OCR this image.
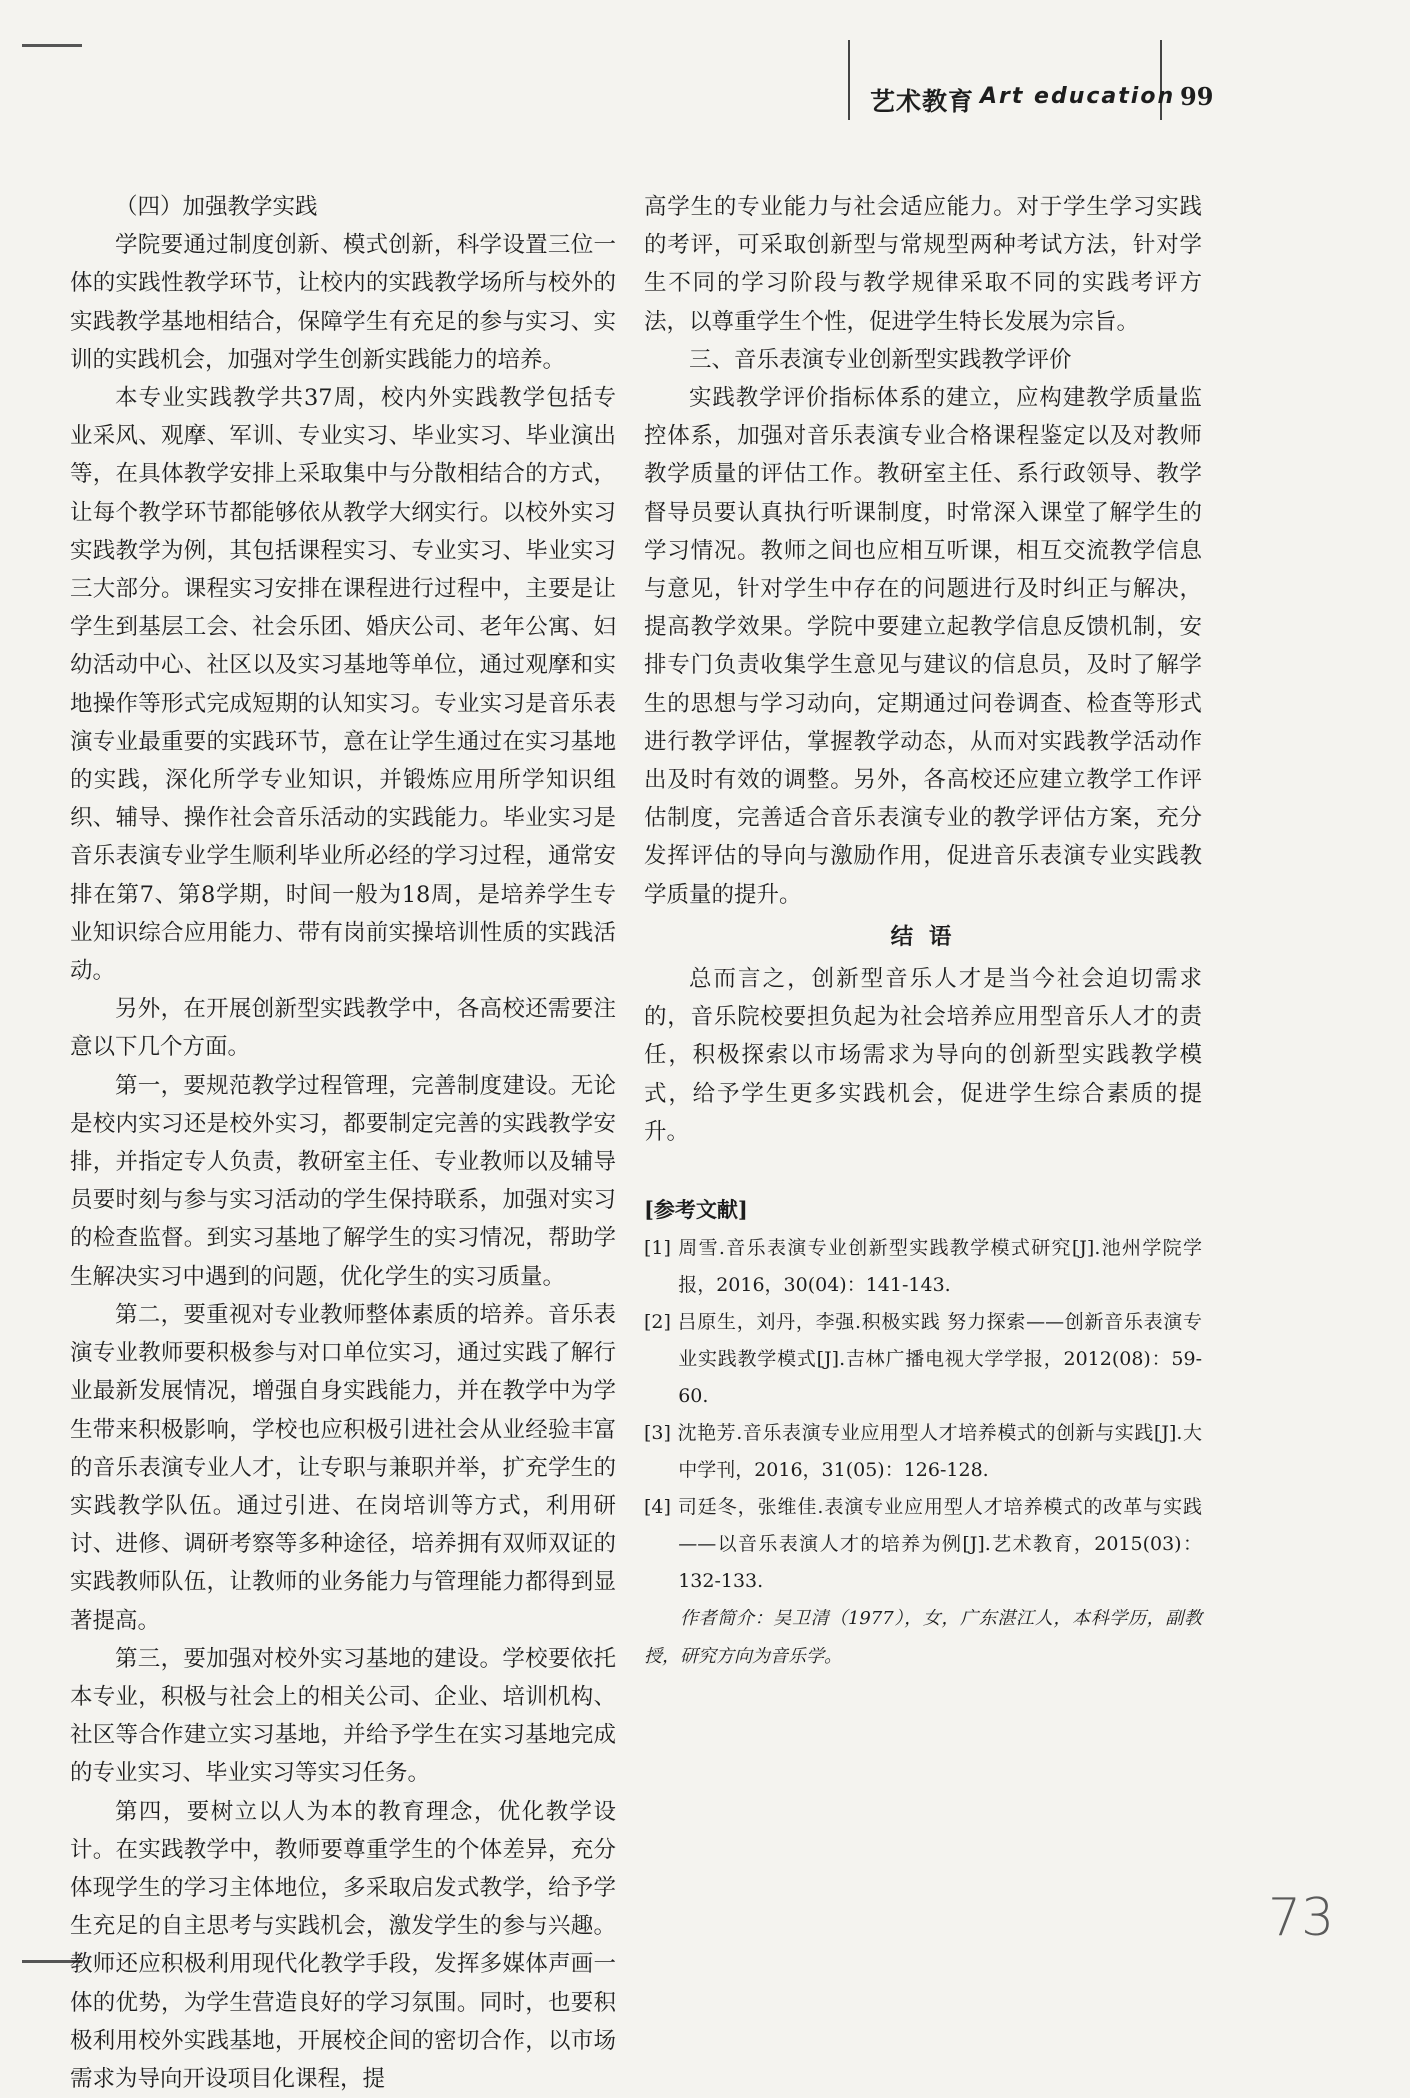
艺术教育 Art education 99

（四）加强教学实践

学院要通过制度创新、模式创新，科学设置三位一体的实践性教学环节，让校内的实践教学场所与校外的实践教学基地相结合，保障学生有充足的参与实习、实训的实践机会，加强对学生创新实践能力的培养。

本专业实践教学共37周，校内外实践教学包括专业采风、观摩、军训、专业实习、毕业实习、毕业演出等，在具体教学安排上采取集中与分散相结合的方式，让每个教学环节都能够依从教学大纲实行。以校外实习实践教学为例，其包括课程实习、专业实习、毕业实习三大部分。课程实习安排在课程进行过程中，主要是让学生到基层工会、社会乐团、婚庆公司、老年公寓、妇幼活动中心、社区以及实习基地等单位，通过观摩和实地操作等形式完成短期的认知实习。专业实习是音乐表演专业最重要的实践环节，意在让学生通过在实习基地的实践，深化所学专业知识，并锻炼应用所学知识组织、辅导、操作社会音乐活动的实践能力。毕业实习是音乐表演专业学生顺利毕业所必经的学习过程，通常安排在第7、第8学期，时间一般为18周，是培养学生专业知识综合应用能力、带有岗前实操培训性质的实践活动。

另外，在开展创新型实践教学中，各高校还需要注意以下几个方面。

第一，要规范教学过程管理，完善制度建设。无论是校内实习还是校外实习，都要制定完善的实践教学安排，并指定专人负责，教研室主任、专业教师以及辅导员要时刻与参与实习活动的学生保持联系，加强对实习的检查监督。到实习基地了解学生的实习情况，帮助学生解决实习中遇到的问题，优化学生的实习质量。

第二，要重视对专业教师整体素质的培养。音乐表演专业教师要积极参与对口单位实习，通过实践了解行业最新发展情况，增强自身实践能力，并在教学中为学生带来积极影响，学校也应积极引进社会从业经验丰富的音乐表演专业人才，让专职与兼职并举，扩充学生的实践教学队伍。通过引进、在岗培训等方式，利用研讨、进修、调研考察等多种途径，培养拥有双师双证的实践教师队伍，让教师的业务能力与管理能力都得到显著提高。

第三，要加强对校外实习基地的建设。学校要依托本专业，积极与社会上的相关公司、企业、培训机构、社区等合作建立实习基地，并给予学生在实习基地完成的专业实习、毕业实习等实习任务。

第四，要树立以人为本的教育理念，优化教学设计。在实践教学中，教师要尊重学生的个体差异，充分体现学生的学习主体地位，多采取启发式教学，给予学生充足的自主思考与实践机会，激发学生的参与兴趣。教师还应积极利用现代化教学手段，发挥多媒体声画一体的优势，为学生营造良好的学习氛围。同时，也要积极利用校外实践基地，开展校企间的密切合作，以市场需求为导向开设项目化课程，提

高学生的专业能力与社会适应能力。对于学生学习实践的考评，可采取创新型与常规型两种考试方法，针对学生不同的学习阶段与教学规律采取不同的实践考评方法，以尊重学生个性，促进学生特长发展为宗旨。

三、音乐表演专业创新型实践教学评价

实践教学评价指标体系的建立，应构建教学质量监控体系，加强对音乐表演专业合格课程鉴定以及对教师教学质量的评估工作。教研室主任、系行政领导、教学督导员要认真执行听课制度，时常深入课堂了解学生的学习情况。教师之间也应相互听课，相互交流教学信息与意见，针对学生中存在的问题进行及时纠正与解决，提高教学效果。学院中要建立起教学信息反馈机制，安排专门负责收集学生意见与建议的信息员，及时了解学生的思想与学习动向，定期通过问卷调查、检查等形式进行教学评估，掌握教学动态，从而对实践教学活动作出及时有效的调整。另外，各高校还应建立教学工作评估制度，完善适合音乐表演专业的教学评估方案，充分发挥评估的导向与激励作用，促进音乐表演专业实践教学质量的提升。

结 语

总而言之，创新型音乐人才是当今社会迫切需求的，音乐院校要担负起为社会培养应用型音乐人才的责任，积极探索以市场需求为导向的创新型实践教学模式，给予学生更多实践机会，促进学生综合素质的提升。

[参考文献]

[1] 周雪.音乐表演专业创新型实践教学模式研究[J].池州学院学报，2016，30(04)：141-143.

[2] 吕原生，刘丹，李强.积极实践 努力探索——创新音乐表演专业实践教学模式[J].吉林广播电视大学学报，2012(08)：59-60.

[3] 沈艳芳.音乐表演专业应用型人才培养模式的创新与实践[J].大中学刊，2016，31(05)：126-128.

[4] 司廷冬，张维佳.表演专业应用型人才培养模式的改革与实践——以音乐表演人才的培养为例[J].艺术教育，2015(03)：132-133.

作者简介：吴卫清（1977），女，广东湛江人，本科学历，副教授，研究方向为音乐学。

73
